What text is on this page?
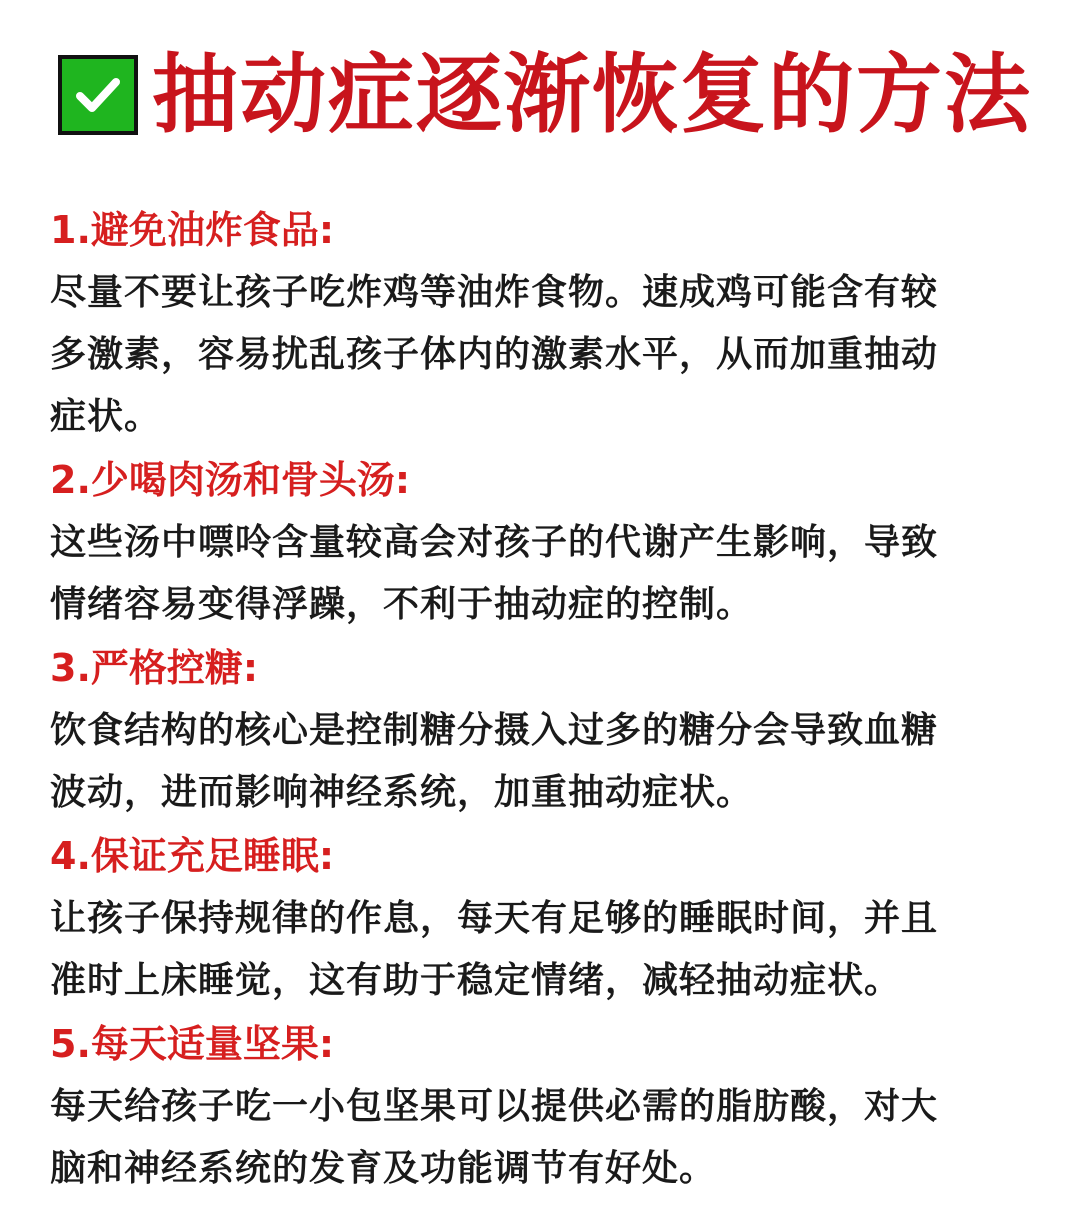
抽动症逐渐恢复的方法
1.避免油炸食品:
尽量不要让孩子吃炸鸡等油炸食物。速成鸡可能含有较
多激素，容易扰乱孩子体内的激素水平，从而加重抽动
症状。
2.少喝肉汤和骨头汤:
这些汤中嘌呤含量较高会对孩子的代谢产生影响，导致
情绪容易变得浮躁，不利于抽动症的控制。
3.严格控糖:
饮食结构的核心是控制糖分摄入过多的糖分会导致血糖
波动，进而影响神经系统，加重抽动症状。
4.保证充足睡眠:
让孩子保持规律的作息，每天有足够的睡眠时间，并且
准时上床睡觉，这有助于稳定情绪，减轻抽动症状。
5.每天适量坚果:
每天给孩子吃一小包坚果可以提供必需的脂肪酸，对大
脑和神经系统的发育及功能调节有好处。
